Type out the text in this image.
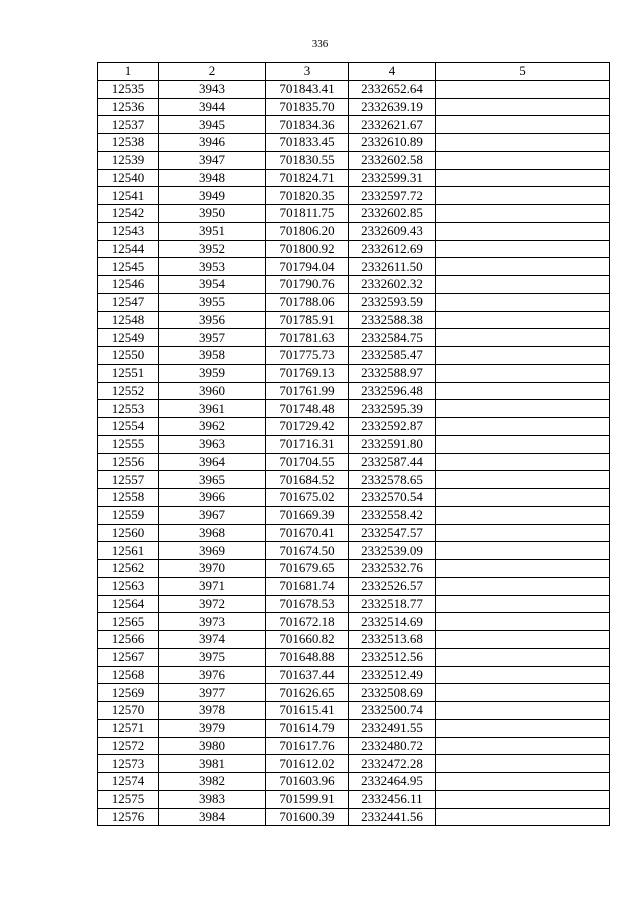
336
1	2	3	4	5
12535	3943	701843.41	2332652.64	
12536	3944	701835.70	2332639.19	
12537	3945	701834.36	2332621.67	
12538	3946	701833.45	2332610.89	
12539	3947	701830.55	2332602.58	
12540	3948	701824.71	2332599.31	
12541	3949	701820.35	2332597.72	
12542	3950	701811.75	2332602.85	
12543	3951	701806.20	2332609.43	
12544	3952	701800.92	2332612.69	
12545	3953	701794.04	2332611.50	
12546	3954	701790.76	2332602.32	
12547	3955	701788.06	2332593.59	
12548	3956	701785.91	2332588.38	
12549	3957	701781.63	2332584.75	
12550	3958	701775.73	2332585.47	
12551	3959	701769.13	2332588.97	
12552	3960	701761.99	2332596.48	
12553	3961	701748.48	2332595.39	
12554	3962	701729.42	2332592.87	
12555	3963	701716.31	2332591.80	
12556	3964	701704.55	2332587.44	
12557	3965	701684.52	2332578.65	
12558	3966	701675.02	2332570.54	
12559	3967	701669.39	2332558.42	
12560	3968	701670.41	2332547.57	
12561	3969	701674.50	2332539.09	
12562	3970	701679.65	2332532.76	
12563	3971	701681.74	2332526.57	
12564	3972	701678.53	2332518.77	
12565	3973	701672.18	2332514.69	
12566	3974	701660.82	2332513.68	
12567	3975	701648.88	2332512.56	
12568	3976	701637.44	2332512.49	
12569	3977	701626.65	2332508.69	
12570	3978	701615.41	2332500.74	
12571	3979	701614.79	2332491.55	
12572	3980	701617.76	2332480.72	
12573	3981	701612.02	2332472.28	
12574	3982	701603.96	2332464.95	
12575	3983	701599.91	2332456.11	
12576	3984	701600.39	2332441.56	
